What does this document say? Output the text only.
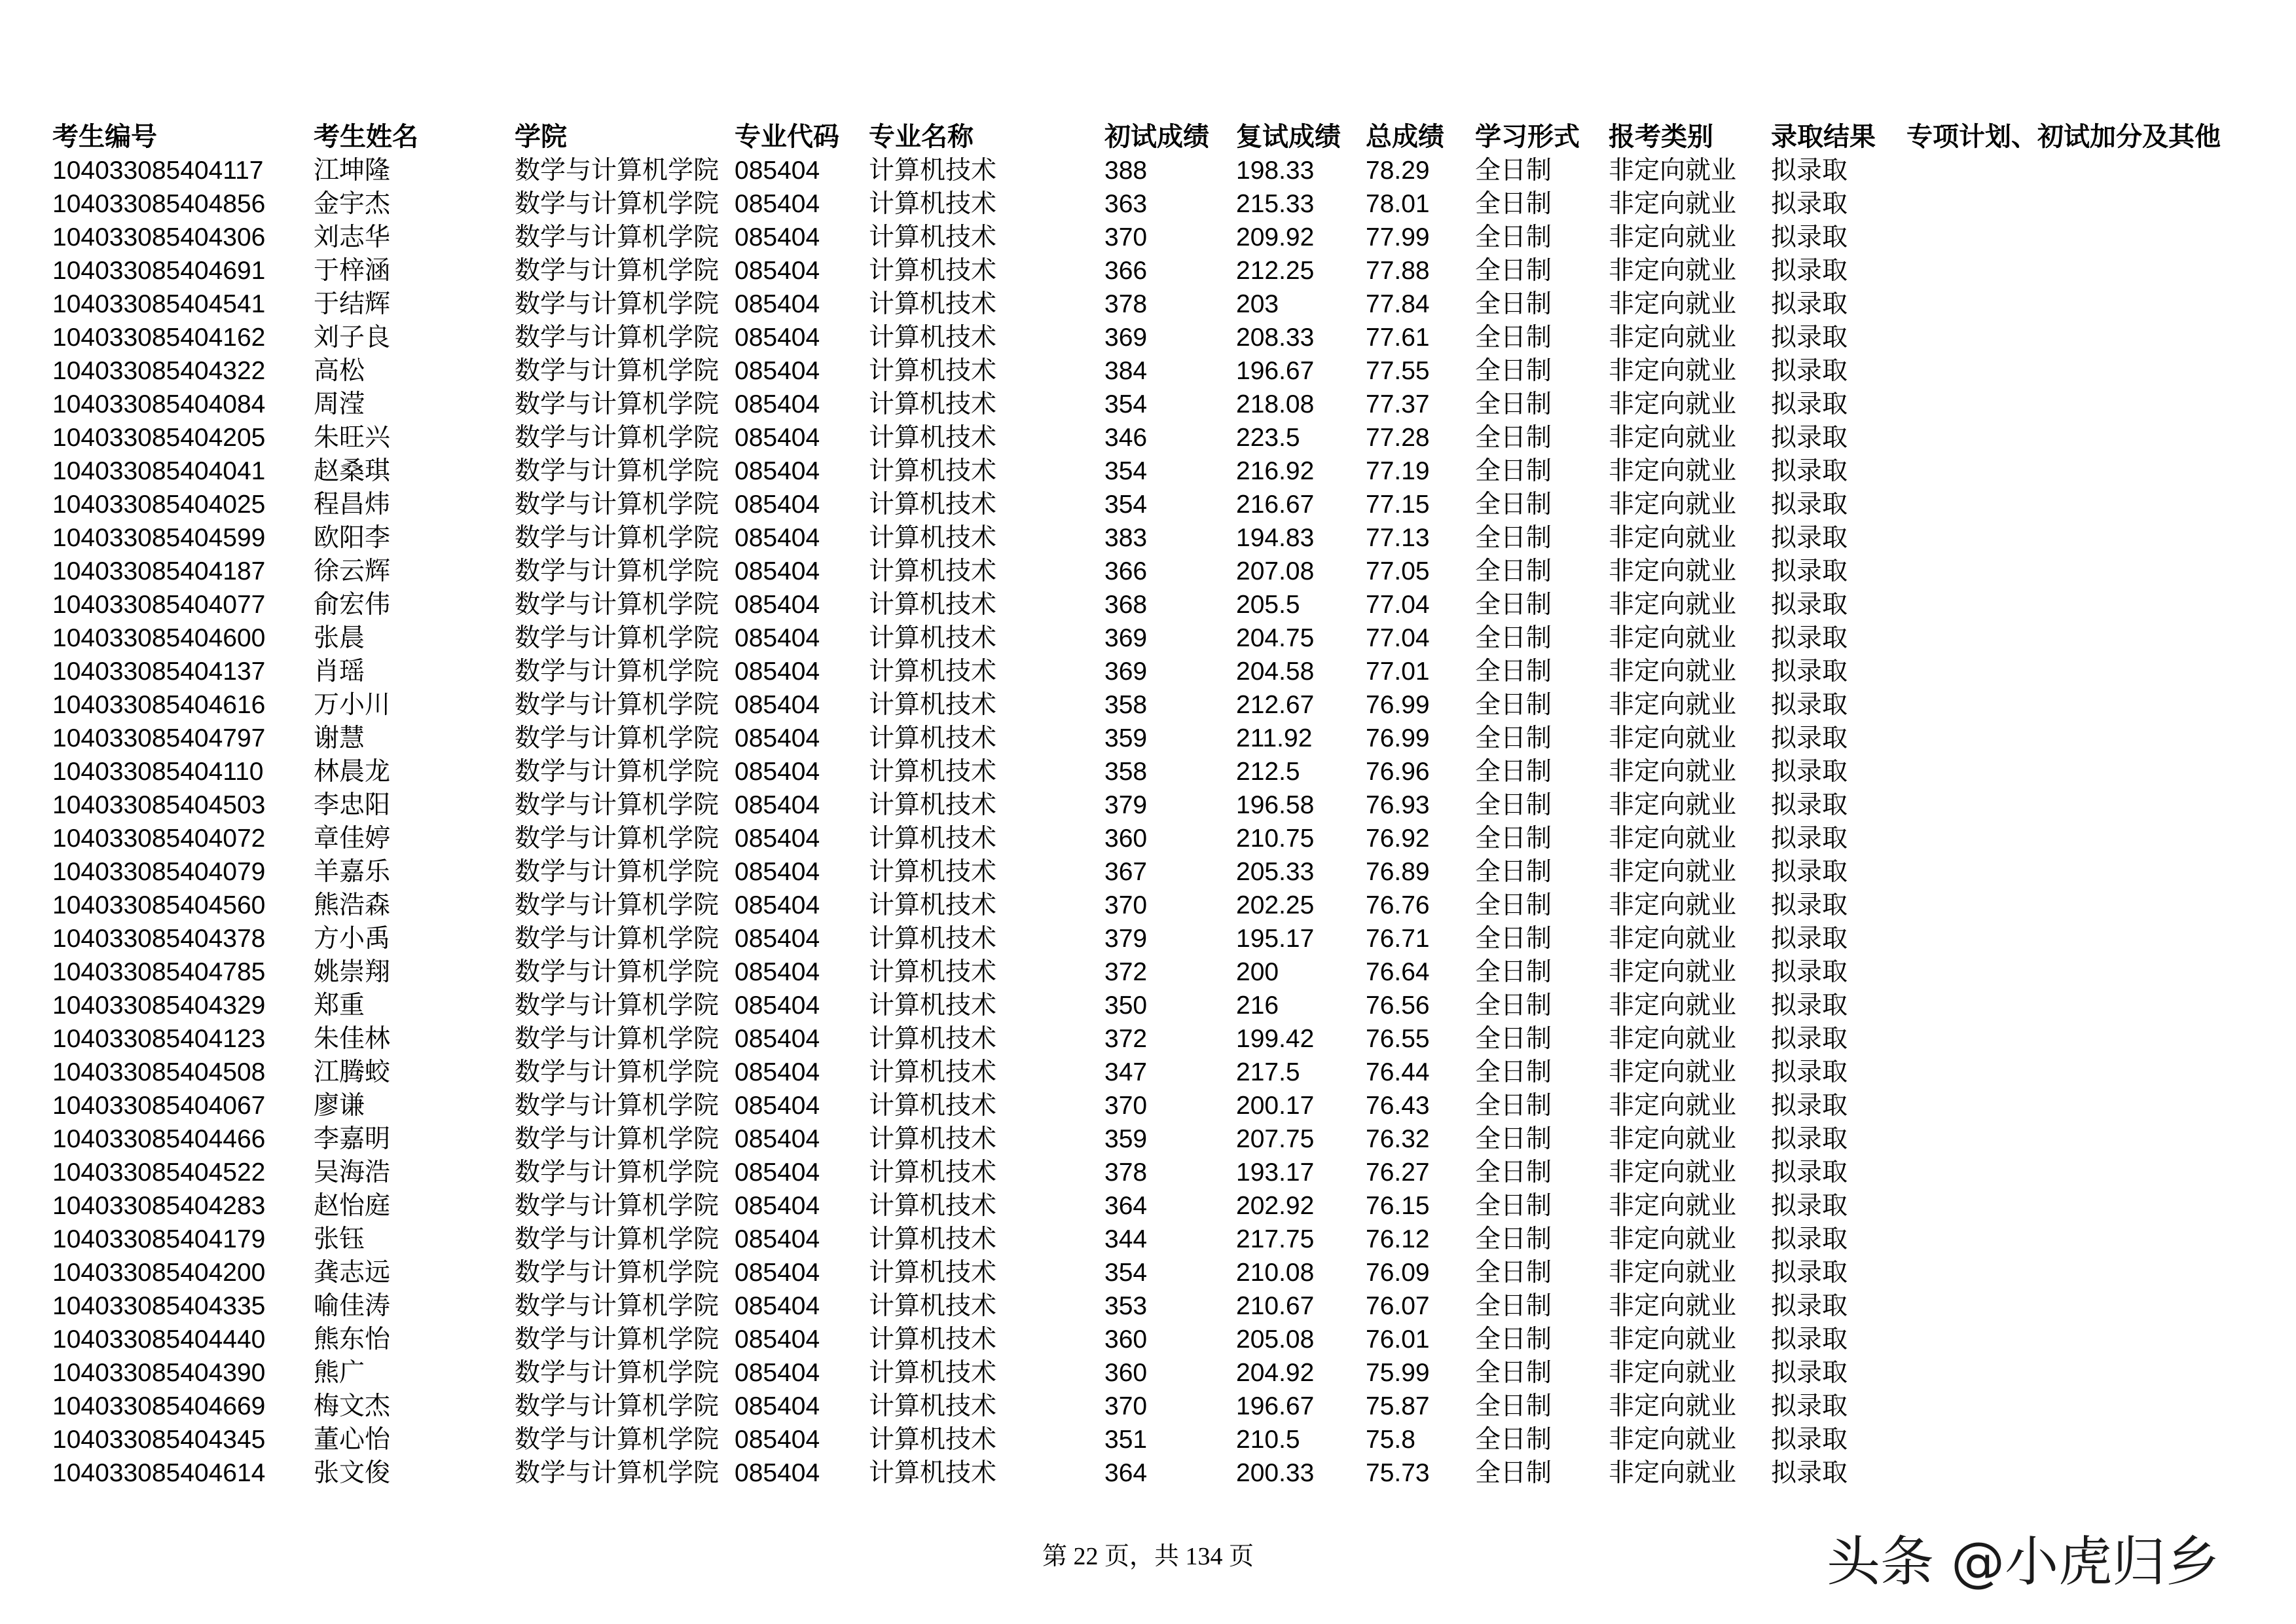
考生编号	考生姓名	学院	专业代码 专业名称	初试成绩 复试成绩 总成绩 学习形式 报考类别 录取结果 专项计划、初试加分及其他
104033085404117 江坤隆	数学与计算机学院 085404 计算机技术	388	198.33 78.29 全日制 非定向就业 拟录取
104033085404856 金宇杰	数学与计算机学院 085404 计算机技术	363	215.33 78.01 全日制 非定向就业 拟录取
104033085404306 刘志华	数学与计算机学院 085404 计算机技术	370	209.92 77.99 全日制 非定向就业 拟录取
104033085404691 于梓涵	数学与计算机学院 085404 计算机技术	366	212.25 77.88 全日制 非定向就业 拟录取
104033085404541 于结辉	数学与计算机学院 085404 计算机技术	378	203	77.84 全日制 非定向就业 拟录取
104033085404162 刘子良	数学与计算机学院 085404 计算机技术	369	208.33 77.61 全日制 非定向就业 拟录取
104033085404322 高松	数学与计算机学院 085404 计算机技术	384	196.67 77.55 全日制 非定向就业 拟录取
104033085404084 周滢	数学与计算机学院 085404 计算机技术	354	218.08 77.37 全日制 非定向就业 拟录取
104033085404205 朱旺兴	数学与计算机学院 085404 计算机技术	346	223.5	77.28 全日制 非定向就业 拟录取
104033085404041 赵桑琪	数学与计算机学院 085404 计算机技术	354	216.92 77.19 全日制 非定向就业 拟录取
104033085404025 程昌炜	数学与计算机学院 085404 计算机技术	354	216.67 77.15 全日制 非定向就业 拟录取
104033085404599 欧阳李	数学与计算机学院 085404 计算机技术	383	194.83 77.13 全日制 非定向就业 拟录取
104033085404187 徐云辉	数学与计算机学院 085404 计算机技术	366	207.08 77.05 全日制 非定向就业 拟录取
104033085404077 俞宏伟	数学与计算机学院 085404 计算机技术	368	205.5	77.04 全日制 非定向就业 拟录取
104033085404600 张晨	数学与计算机学院 085404 计算机技术	369	204.75 77.04 全日制 非定向就业 拟录取
104033085404137 肖瑶	数学与计算机学院 085404 计算机技术	369	204.58 77.01 全日制 非定向就业 拟录取
104033085404616 万小川	数学与计算机学院 085404 计算机技术	358	212.67 76.99 全日制 非定向就业 拟录取
104033085404797 谢慧	数学与计算机学院 085404 计算机技术	359	211.92 76.99 全日制 非定向就业 拟录取
104033085404110 林晨龙	数学与计算机学院 085404 计算机技术	358	212.5	76.96 全日制 非定向就业 拟录取
104033085404503 李忠阳	数学与计算机学院 085404 计算机技术	379	196.58 76.93 全日制 非定向就业 拟录取
104033085404072 章佳婷	数学与计算机学院 085404 计算机技术	360	210.75 76.92 全日制 非定向就业 拟录取
104033085404079 羊嘉乐	数学与计算机学院 085404 计算机技术	367	205.33 76.89 全日制 非定向就业 拟录取
104033085404560 熊浩森	数学与计算机学院 085404 计算机技术	370	202.25 76.76 全日制 非定向就业 拟录取
104033085404378 方小禹	数学与计算机学院 085404 计算机技术	379	195.17 76.71 全日制 非定向就业 拟录取
104033085404785 姚崇翔	数学与计算机学院 085404 计算机技术	372	200	76.64 全日制 非定向就业 拟录取
104033085404329 郑重	数学与计算机学院 085404 计算机技术	350	216	76.56 全日制 非定向就业 拟录取
104033085404123 朱佳林	数学与计算机学院 085404 计算机技术	372	199.42 76.55 全日制 非定向就业 拟录取
104033085404508 江腾蛟	数学与计算机学院 085404 计算机技术	347	217.5	76.44 全日制 非定向就业 拟录取
104033085404067 廖谦	数学与计算机学院 085404 计算机技术	370	200.17 76.43 全日制 非定向就业 拟录取
104033085404466 李嘉明	数学与计算机学院 085404 计算机技术	359	207.75 76.32 全日制 非定向就业 拟录取
104033085404522 吴海浩	数学与计算机学院 085404 计算机技术	378	193.17 76.27 全日制 非定向就业 拟录取
104033085404283 赵怡庭	数学与计算机学院 085404 计算机技术	364	202.92 76.15 全日制 非定向就业 拟录取
104033085404179 张钰	数学与计算机学院 085404 计算机技术	344	217.75 76.12 全日制 非定向就业 拟录取
104033085404200 龚志远	数学与计算机学院 085404 计算机技术	354	210.08 76.09 全日制 非定向就业 拟录取
104033085404335 喻佳涛	数学与计算机学院 085404 计算机技术	353	210.67 76.07 全日制 非定向就业 拟录取
104033085404440 熊东怡	数学与计算机学院 085404 计算机技术	360	205.08 76.01 全日制 非定向就业 拟录取
104033085404390 熊广	数学与计算机学院 085404 计算机技术	360	204.92 75.99 全日制 非定向就业 拟录取
104033085404669 梅文杰	数学与计算机学院 085404 计算机技术	370	196.67 75.87 全日制 非定向就业 拟录取
104033085404345 董心怡	数学与计算机学院 085404 计算机技术	351	210.5	75.8 全日制 非定向就业 拟录取
104033085404614 张文俊	数学与计算机学院 085404 计算机技术	364	200.33 75.73 全日制 非定向就业 拟录取
第 22 页，共 134 页	头条 @小虎归乡
